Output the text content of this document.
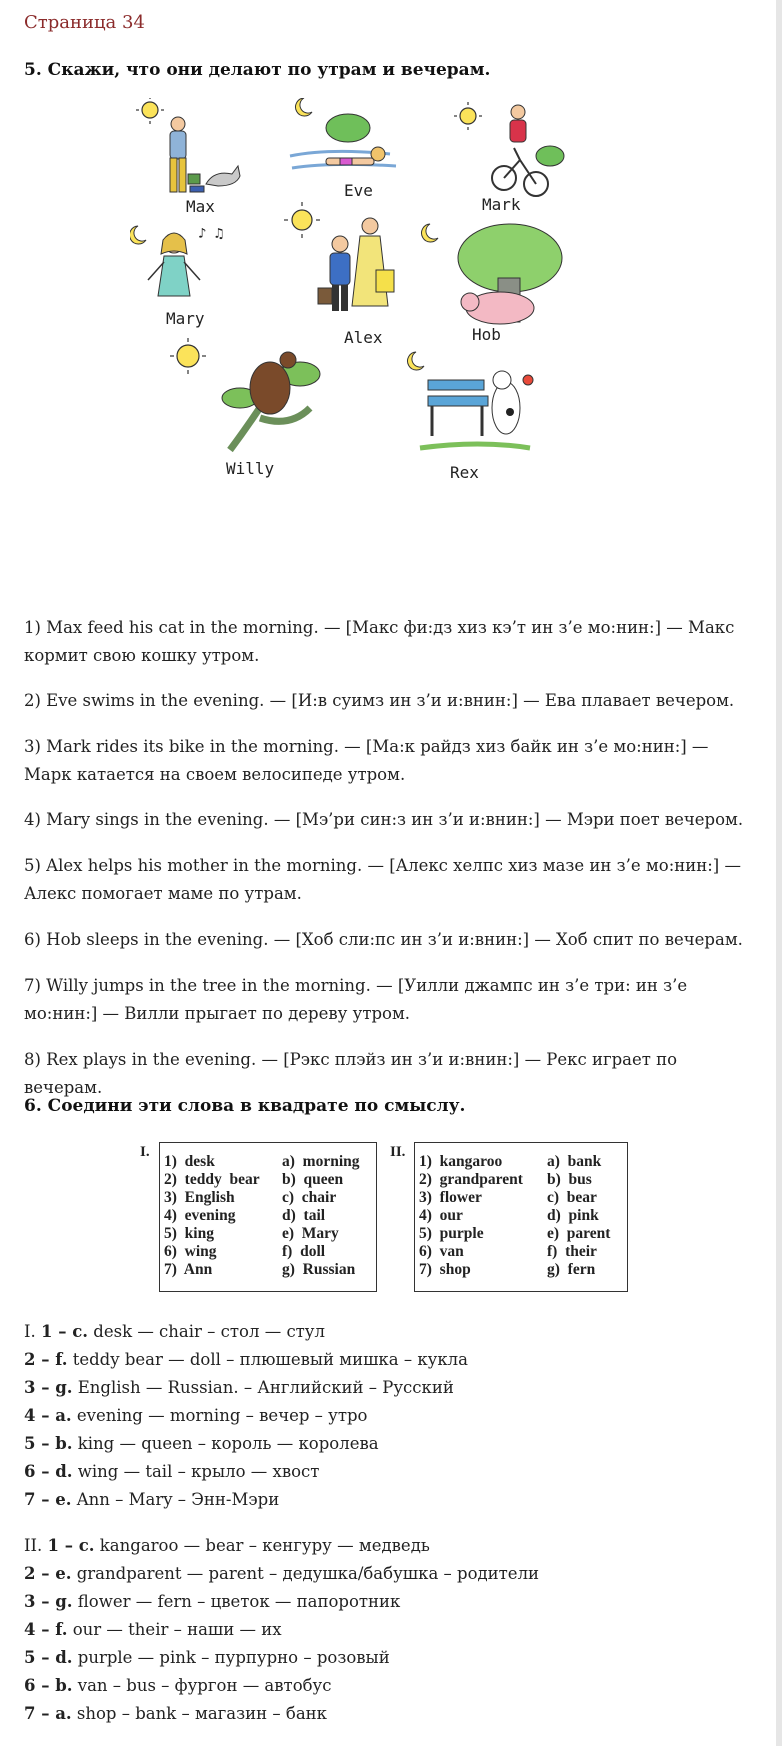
Страница 34
5. Скажи, что они делают по утрам и вечерам.
♪ ♫
Max
Eve
Mark
Mary
Alex	Hob
Willy	Rex
1) Max feed his cat in the morning. — [Макс фи:дз хиз кэ’т ин з’е мо:нин:] — Макс кормит свою кошку утром.
2) Eve swims in the evening. — [И:в суимз ин з’и и:внин:] — Ева плавает вечером.
3) Mark rides its bike in the morning. — [Ма:к райдз хиз байк ин з’е мо:нин:] — Марк катается на своем велосипеде утром.
4) Mary sings in the evening. — [Мэ’ри син:з ин з’и и:внин:] — Мэри поет вечером.
5) Alex helps his mother in the morning. — [Алекс хелпс хиз мазе ин з’е мо:нин:] — Алекс помогает маме по утрам.
6) Hob sleeps in the evening. — [Хоб сли:пс ин з’и и:внин:] — Хоб спит по вечерам.
7) Willy jumps in the tree in the morning. — [Уилли джампс ин з’е три: ин з’е мо:нин:] — Вилли прыгает по дереву утром.
8) Rex plays in the evening. — [Рэкс плэйз ин з’и и:внин:] — Рекс играет по вечерам.
6. Соедини эти слова в квадрате по смыслу.
I.
1)  desk	a)  morning
2)  teddy  bear b)  queen
3)  English	c)  chair
4)  evening	d)  tail
5)  king	e)  Mary
6)  wing	f)  doll
7)  Ann	g)  Russian
II.
1)  kangaroo	a)  bank
2)  grandparent b)  bus
3)  flower	c)  bear
4)  our	d)  pink
5)  purple	e)  parent
6)  van	f)  their
7)  shop	g)  fern
I. 1 – c. desk — chair – стол — стул
2 – f. teddy bear — doll – плюшевый мишка – кукла
3 – g. English — Russian. – Английский – Русский
4 – a. evening — morning – вечер – утро
5 – b. king — queen – король — королева
6 – d. wing — tail – крыло — хвост
7 – e. Ann – Mary – Энн-Мэри
II. 1 – c. kangaroo — bear – кенгуру — медведь
2 – e. grandparent — parent – дедушка/бабушка – родители
3 – g. flower — fern – цветок — папоротник
4 – f. our — their – наши — их
5 – d. purple — pink – пурпурно – розовый
6 – b. van – bus – фургон — автобус
7 – a. shop – bank – магазин – банк
